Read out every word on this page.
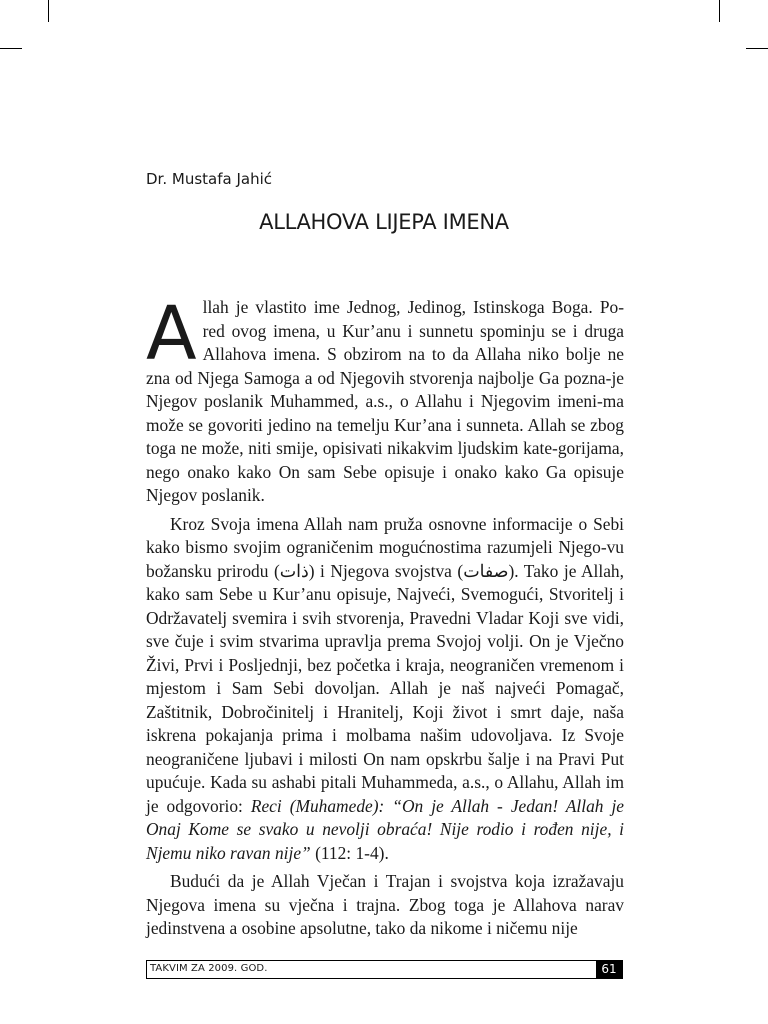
Dr. Mustafa Jahić
ALLAHOVA LIJEPA IMENA

Allah je vlastito ime Jednog, Jedinog, Istinskoga Boga. Po-red ovog imena, u Kur’anu i sunnetu spominju se i druga Allahova imena. S obzirom na to da Allaha niko bolje ne zna od Njega Samoga a od Njegovih stvorenja najbolje Ga pozna-je Njegov poslanik Muhammed, a.s., o Allahu i Njegovim imeni-ma može se govoriti jedino na temelju Kur’ana i sunneta. Allah se zbog toga ne može, niti smije, opisivati nikakvim ljudskim kate-gorijama, nego onako kako On sam Sebe opisuje i onako kako Ga opisuje Njegov poslanik.

Kroz Svoja imena Allah nam pruža osnovne informacije o Sebi kako bismo svojim ograničenim mogućnostima razumjeli Njego-vu božansku prirodu (ذات) i Njegova svojstva (صفات). Tako je Allah, kako sam Sebe u Kur’anu opisuje, Najveći, Svemogući, Stvoritelj i Održavatelj svemira i svih stvorenja, Pravedni Vladar Koji sve vidi, sve čuje i svim stvarima upravlja prema Svojoj volji. On je Vječno Živi, Prvi i Posljednji, bez početka i kraja, neograničen vremenom i mjestom i Sam Sebi dovoljan. Allah je naš najveći Pomagač, Zaštitnik, Dobročinitelj i Hranitelj, Koji život i smrt daje, naša iskrena pokajanja prima i molbama našim udovoljava. Iz Svoje neograničene ljubavi i milosti On nam opskrbu šalje i na Pravi Put upućuje. Kada su ashabi pitali Muhammeda, a.s., o Allahu, Allah im je odgovorio: Reci (Muhamede): “On je Allah - Jedan! Allah je Onaj Kome se svako u nevolji obraća! Nije rodio i rođen nije, i Njemu niko ravan nije” (112: 1-4).

Budući da je Allah Vječan i Trajan i svojstva koja izražavaju Njegova imena su vječna i trajna. Zbog toga je Allahova narav jedinstvena a osobine apsolutne, tako da nikome i ničemu nije

TAKVIM ZA 2009. GOD.	61
